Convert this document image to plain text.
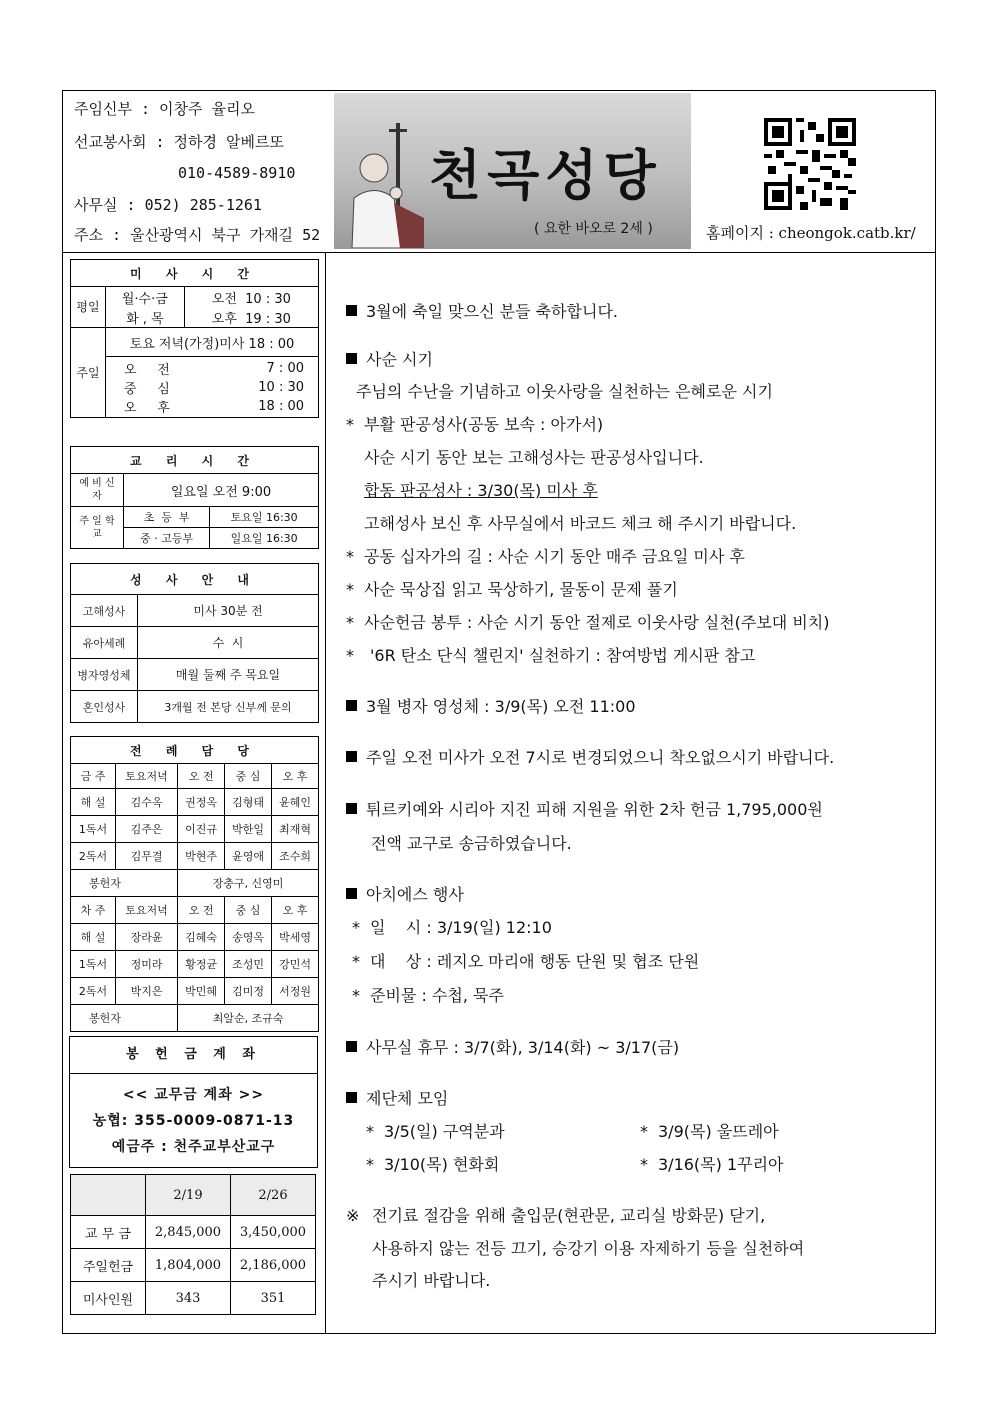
주임신부 : 이창주 율리오
선교봉사회 : 정하경 알베르또
010-4589-8910
사무실 : 052) 285-1261
주소 : 울산광역시 북구 가재길 52
천곡성당
( 요한 바오로 2세 )	홈페이지 : cheongok.catb.kr/
미 사 시 간
평일	월·수·금	오전  10 : 30
화 , 목	오후  19 : 30
주일	토요 저녁(가정)미사 18 : 00

오     전	7 : 00
중     심	10 : 30
오     후	18 : 00
교 리 시 간		
예 비 신 자	일요일 오전 9:00	
주 일 학 교	초  등  부	토요일 16:30
	중 · 고등부	일요일 16:30
성 사 안 내	
고해성사	미사 30분 전
유아세례	수  시
병자영성체	매월 둘째 주 목요일
혼인성사	3개월 전 본당 신부께 문의
전 례 담 당				
금 주	토요저녁	오 전	중 심	오 후
해 설	김수옥	권정옥	김형태	윤혜인
1독서	김주은	이진규	박한일	최재혁
2독서	김무결	박현주	윤영애	조수희
봉헌자		장충구, 신영미		
차 주	토요저녁	오 전	중 심	오 후
해 설	장라윤	김혜숙	송영옥	박세영
1독서	정미라	황정균	조성민	강민석
2독서	박지은	박민혜	김미정	서정원
봉헌자		최알순, 조규숙		
봉 헌 금 계 좌
<< 교무금 계좌 >>
농협: 355-0009-0871-13
예금주 : 천주교부산교구
	2/19	2/26
교 무 금	2,845,000	3,450,000
주일헌금	1,804,000	2,186,000
미사인원	343	351
3월에 축일 맞으신 분들 축하합니다.
사순 시기
주님의 수난을 기념하고 이웃사랑을 실천하는 은혜로운 시기
* 부활 판공성사(공동 보속 : 아가서)
사순 시기 동안 보는 고해성사는 판공성사입니다.
합동 판공성사 : 3/30(목) 미사 후
고해성사 보신 후 사무실에서 바코드 체크 해 주시기 바랍니다.
* 공동 십자가의 길 : 사순 시기 동안 매주 금요일 미사 후
* 사순 묵상집 읽고 묵상하기, 물동이 문제 풀기
* 사순헌금 봉투 : 사순 시기 동안 절제로 이웃사랑 실천(주보대 비치)
* '6R 탄소 단식 챌린지' 실천하기 : 참여방법 게시판 참고
3월 병자 영성체 : 3/9(목) 오전 11:00
주일 오전 미사가 오전 7시로 변경되었으니 착오없으시기 바랍니다.
튀르키예와 시리아 지진 피해 지원을 위한 2차 헌금 1,795,000원
전액 교구로 송금하였습니다.
아치에스 행사
* 일    시 : 3/19(일) 12:10
* 대    상 : 레지오 마리애 행동 단원 및 협조 단원
* 준비물 : 수첩, 묵주
사무실 휴무 : 3/7(화), 3/14(화) ~ 3/17(금)
제단체 모임
* 3/5(일) 구역분과	* 3/9(목) 울뜨레아
* 3/10(목) 현화회	* 3/16(목) 1꾸리아
※ 전기료 절감을 위해 출입문(현관문, 교리실 방화문) 닫기,
사용하지 않는 전등 끄기, 승강기 이용 자제하기 등을 실천하여
주시기 바랍니다.
